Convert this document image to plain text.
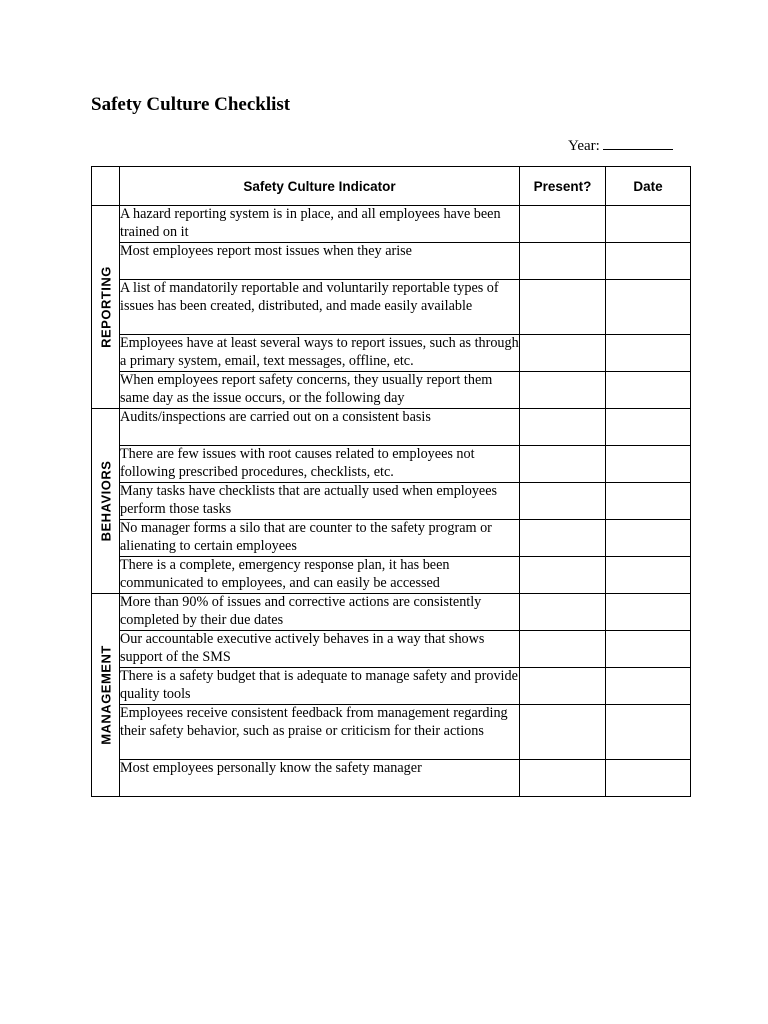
Safety Culture Checklist
Year:
	Safety Culture Indicator	Present?	Date

REPORTING	A hazard reporting system is in place, and all employees have been trained on it		
	Most employees report most issues when they arise		
	A list of mandatorily reportable and voluntarily reportable types of issues has been created, distributed, and made easily available		
	Employees have at least several ways to report issues, such as through a primary system, email, text messages, offline, etc.		
	When employees report safety concerns, they usually report them same day as the issue occurs, or the following day		

BEHAVIORS	Audits/inspections are carried out on a consistent basis		
	There are few issues with root causes related to employees not following prescribed procedures, checklists, etc.		
	Many tasks have checklists that are actually used when employees perform those tasks		
	No manager forms a silo that are counter to the safety program or alienating to certain employees		
	There is a complete, emergency response plan, it has been communicated to employees, and can easily be accessed		

MANAGEMENT	More than 90% of issues and corrective actions are consistently completed by their due dates		
	Our accountable executive actively behaves in a way that shows support of the SMS		
	There is a safety budget that is adequate to manage safety and provide quality tools		
	Employees receive consistent feedback from management regarding their safety behavior, such as praise or criticism for their actions		
	Most employees personally know the safety manager		
